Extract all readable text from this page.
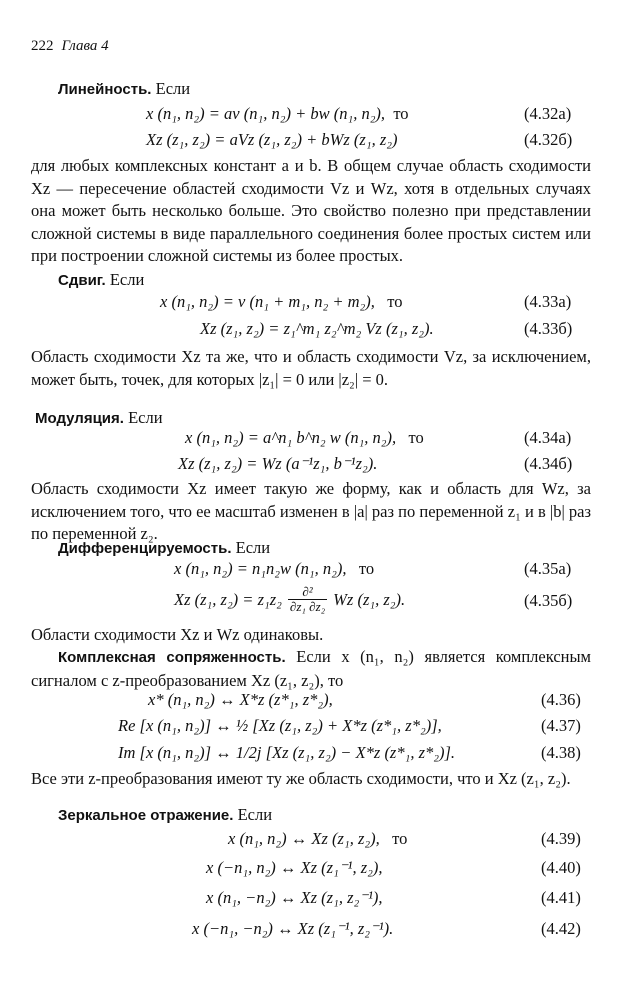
222 Глава 4
Линейность. Если
x (n₁, n₂) = av (n₁, n₂) + bw (n₁, n₂), то	(4.32а)
Xz (z₁, z₂) = aVz (z₁, z₂) + bWz (z₁, z₂)	(4.32б)
для любых комплексных констант a и b. В общем случае область сходимости Xz — пересечение областей сходимости Vz и Wz, хотя в отдельных случаях она может быть несколько больше. Это свойство полезно при представлении сложной системы в виде параллельного соединения более простых систем или при построении сложной системы из более простых.
Сдвиг. Если
x (n₁, n₂) = v (n₁ + m₁, n₂ + m₂), то	(4.33а)
Xz (z₁, z₂) = z₁^m₁ z₂^m₂ Vz (z₁, z₂).	(4.33б)
Область сходимости Xz та же, что и область сходимости Vz, за исключением, может быть, точек, для которых |z₁| = 0 или |z₂| = 0.
Модуляция. Если
x (n₁, n₂) = a^n₁ b^n₂ w (n₁, n₂), то	(4.34а)
Xz (z₁, z₂) = Wz (a⁻¹z₁, b⁻¹z₂).	(4.34б)
Область сходимости Xz имеет такую же форму, как и область для Wz, за исключением того, что ее масштаб изменен в |a| раз по переменной z₁ и в |b| раз по переменной z₂.
Дифференцируемость. Если
x (n₁, n₂) = n₁n₂w (n₁, n₂), то	(4.35а)
Xz (z₁, z₂) = z₁z₂ ∂²
∂z₁ ∂z₂ Wz (z₁, z₂).	(4.35б)
Области сходимости Xz и Wz одинаковы.
Комплексная сопряженность. Если x (n₁, n₂) является комплексным сигналом с z-преобразованием Xz (z₁, z₂), то
x* (n₁, n₂) ↔ X*z (z*₁, z*₂),	(4.36)
Re [x (n₁, n₂)] ↔ ½ [Xz (z₁, z₂) + X*z (z*₁, z*₂)],	(4.37)
Im [x (n₁, n₂)] ↔ 1/2j [Xz (z₁, z₂) − X*z (z*₁, z*₂)].	(4.38)
Все эти z-преобразования имеют ту же область сходимости, что и Xz (z₁, z₂).
Зеркальное отражение. Если
x (n₁, n₂) ↔ Xz (z₁, z₂), то	(4.39)
x (−n₁, n₂) ↔ Xz (z₁⁻¹, z₂),	(4.40)
x (n₁, −n₂) ↔ Xz (z₁, z₂⁻¹),	(4.41)
x (−n₁, −n₂) ↔ Xz (z₁⁻¹, z₂⁻¹).	(4.42)
